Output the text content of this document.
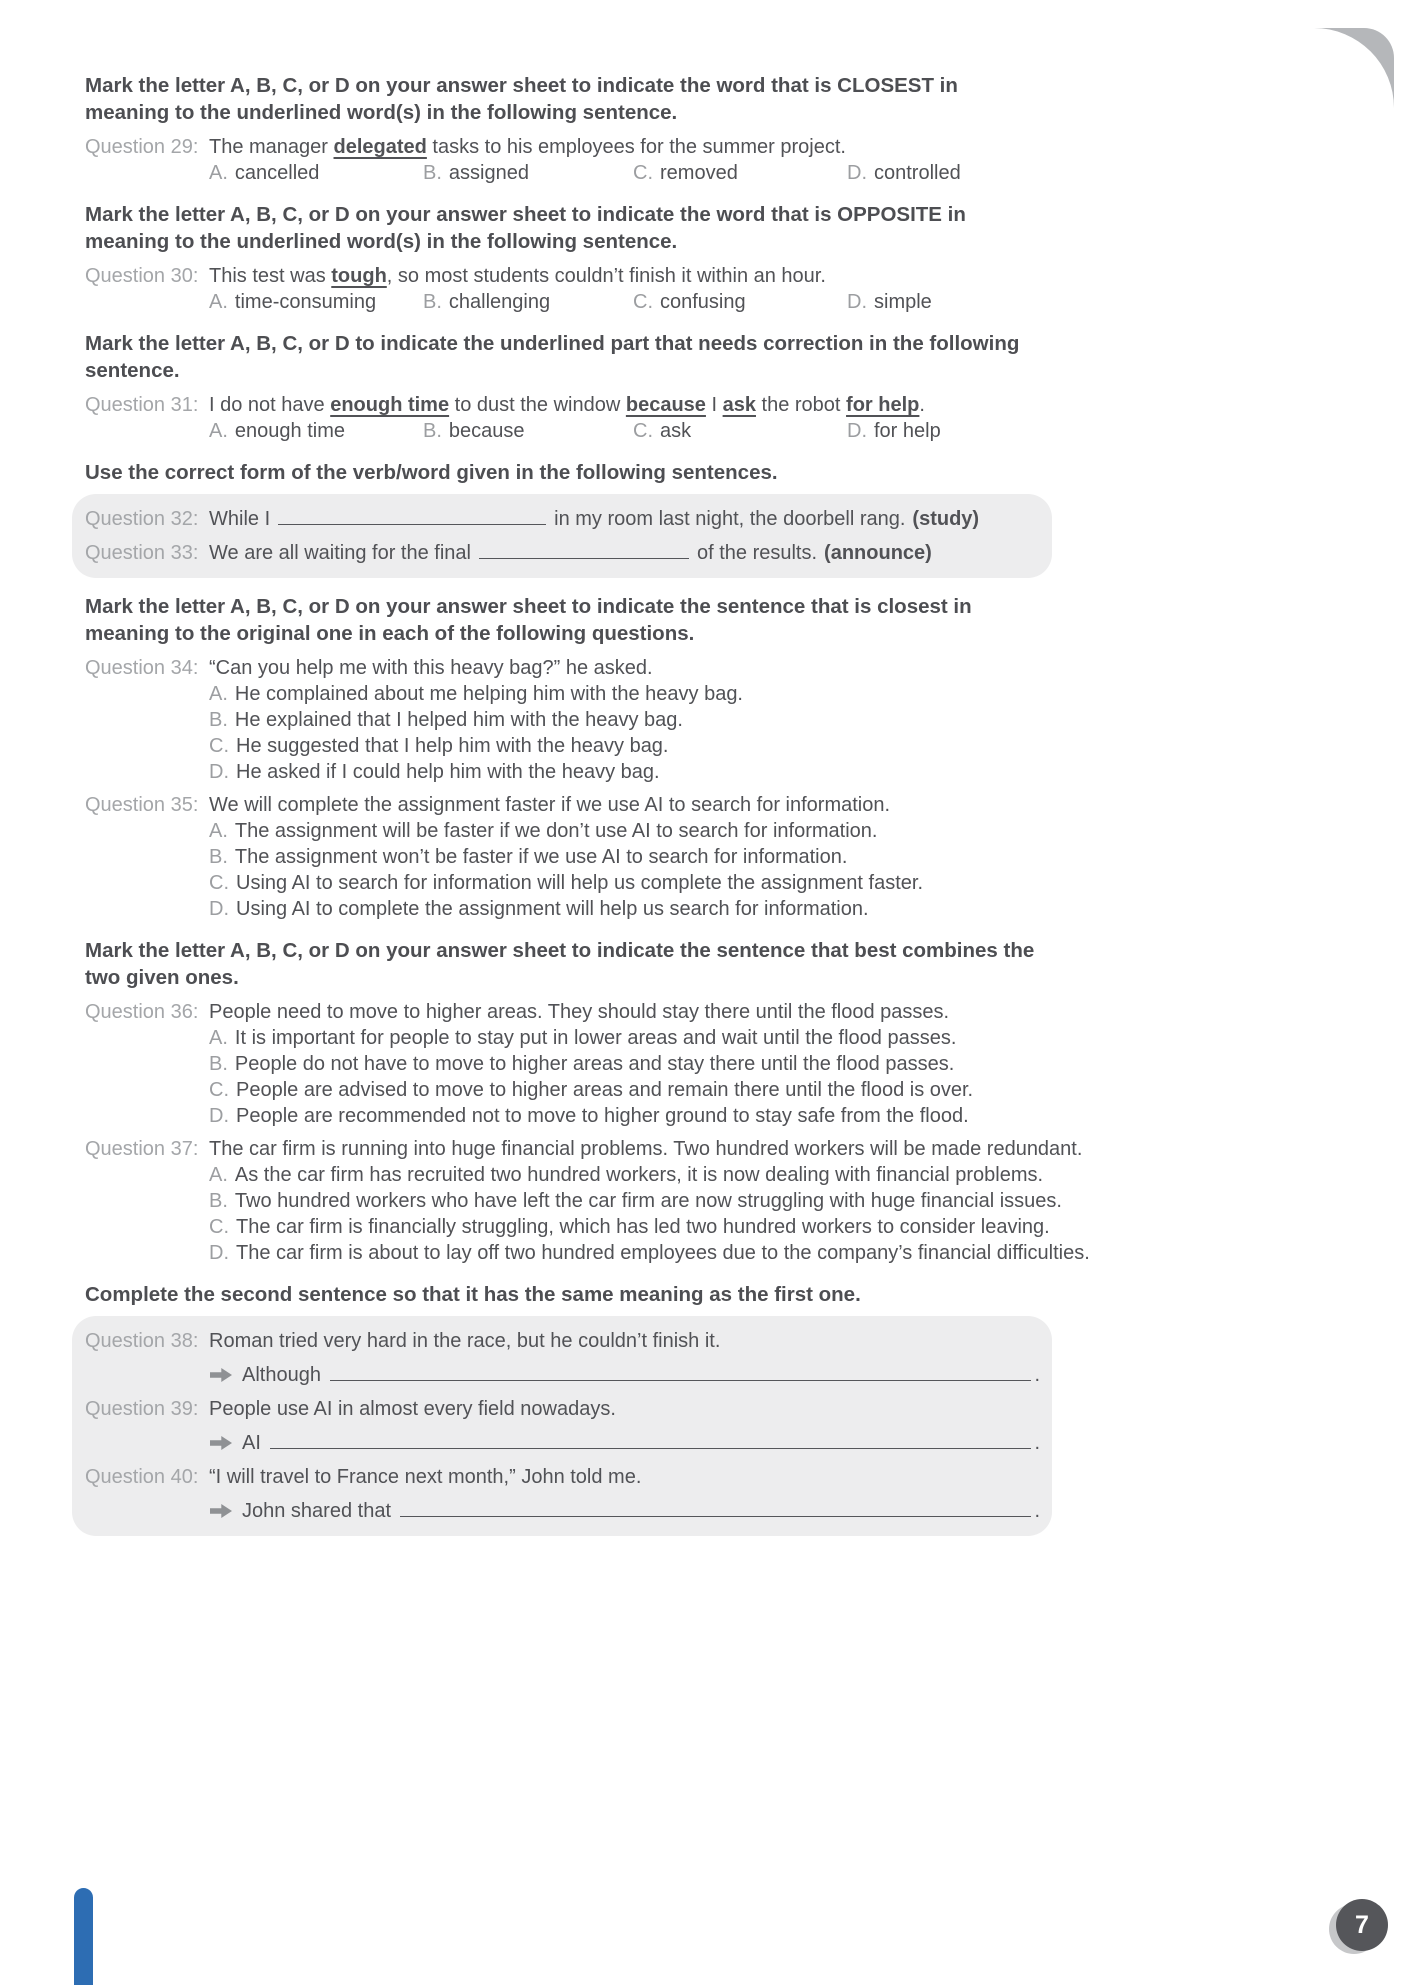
Mark the letter A, B, C, or D on your answer sheet to indicate the word that is CLOSEST in
meaning to the underlined word(s) in the following sentence.
Question 29: The manager delegated tasks to his employees for the summer project.
A. cancelled	B. assigned	C. removed	D. controlled
Mark the letter A, B, C, or D on your answer sheet to indicate the word that is OPPOSITE in
meaning to the underlined word(s) in the following sentence.
Question 30: This test was tough, so most students couldn’t finish it within an hour.
A. time-consuming	B. challenging	C. confusing	D. simple
Mark the letter A, B, C, or D to indicate the underlined part that needs correction in the following
sentence.
Question 31: I do not have enough time to dust the window because I ask the robot for help.
A. enough time	B. because	C. ask	D. for help
Use the correct form of the verb/word given in the following sentences.
Question 32: While I	in my room last night, the doorbell rang. (study)
Question 33: We are all waiting for the final	of the results. (announce)
Mark the letter A, B, C, or D on your answer sheet to indicate the sentence that is closest in
meaning to the original one in each of the following questions.
Question 34: “Can you help me with this heavy bag?” he asked.
A. He complained about me helping him with the heavy bag.
B. He explained that I helped him with the heavy bag.
C. He suggested that I help him with the heavy bag.
D. He asked if I could help him with the heavy bag.
Question 35: We will complete the assignment faster if we use AI to search for information.
A. The assignment will be faster if we don’t use AI to search for information.
B. The assignment won’t be faster if we use AI to search for information.
C. Using AI to search for information will help us complete the assignment faster.
D. Using AI to complete the assignment will help us search for information.
Mark the letter A, B, C, or D on your answer sheet to indicate the sentence that best combines the
two given ones.
Question 36: People need to move to higher areas. They should stay there until the flood passes.
A. It is important for people to stay put in lower areas and wait until the flood passes.
B. People do not have to move to higher areas and stay there until the flood passes.
C. People are advised to move to higher areas and remain there until the flood is over.
D. People are recommended not to move to higher ground to stay safe from the flood.
Question 37: The car firm is running into huge financial problems. Two hundred workers will be made redundant.
A. As the car firm has recruited two hundred workers, it is now dealing with financial problems.
B. Two hundred workers who have left the car firm are now struggling with huge financial issues.
C. The car firm is financially struggling, which has led two hundred workers to consider leaving.
D. The car firm is about to lay off two hundred employees due to the company’s financial difficulties.
Complete the second sentence so that it has the same meaning as the first one.
Question 38: Roman tried very hard in the race, but he couldn’t finish it.
Although	.
Question 39: People use AI in almost every field nowadays.
AI	.
Question 40: “I will travel to France next month,” John told me.
John shared that	.
7
